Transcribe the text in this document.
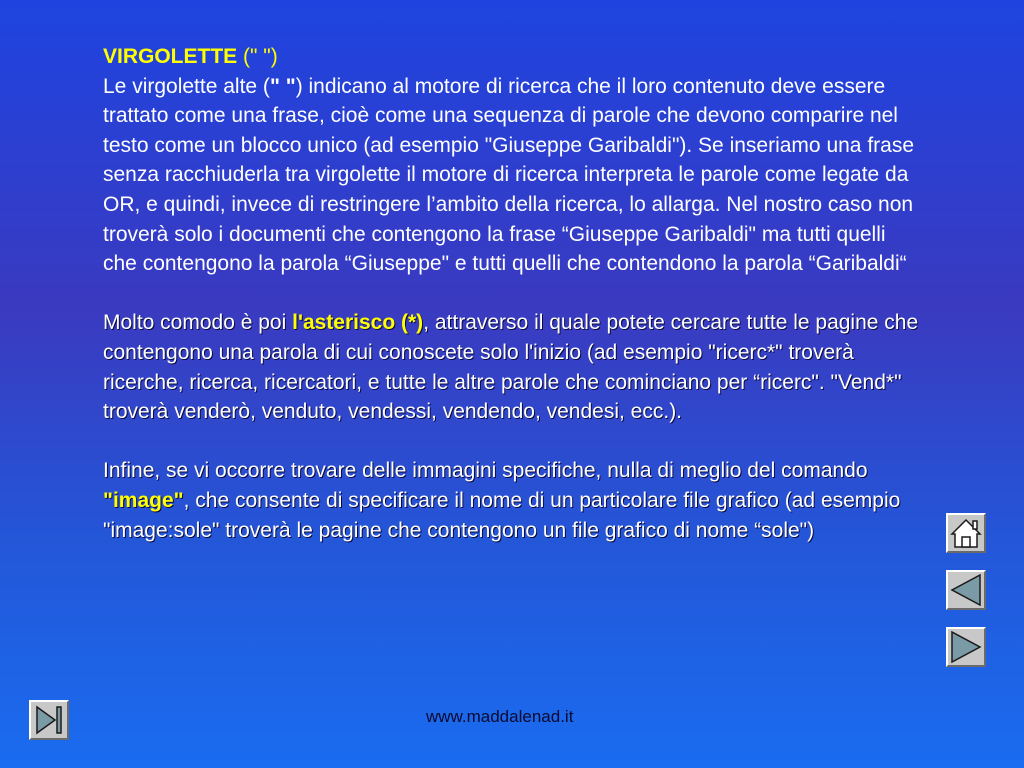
VIRGOLETTE (" ")
Le virgolette alte (" ") indicano al motore di ricerca che il loro contenuto deve essere trattato come una frase, cioè come una sequenza di parole che devono comparire nel testo come un blocco unico (ad esempio "Giuseppe Garibaldi"). Se inseriamo una frase senza racchiuderla tra virgolette il motore di ricerca interpreta le parole come legate da OR, e quindi, invece di restringere l’ambito della ricerca, lo allarga. Nel nostro caso non troverà solo i documenti che contengono la frase “Giuseppe Garibaldi" ma tutti quelli che contengono la parola “Giuseppe" e tutti quelli che contendono la parola “Garibaldi“

Molto comodo è poi l'asterisco (*), attraverso il quale potete cercare tutte le pagine che contengono una parola di cui conoscete solo l'inizio (ad esempio "ricerc*" troverà ricerche, ricerca, ricercatori, e tutte le altre parole che cominciano per “ricerc". "Vend*" troverà venderò, venduto, vendessi, vendendo, vendesi, ecc.).

Infine, se vi occorre trovare delle immagini specifiche, nulla di meglio del comando "image", che consente di specificare il nome di un particolare file grafico (ad esempio "image:sole" troverà le pagine che contengono un file grafico di nome “sole")

www.maddalenad.it
